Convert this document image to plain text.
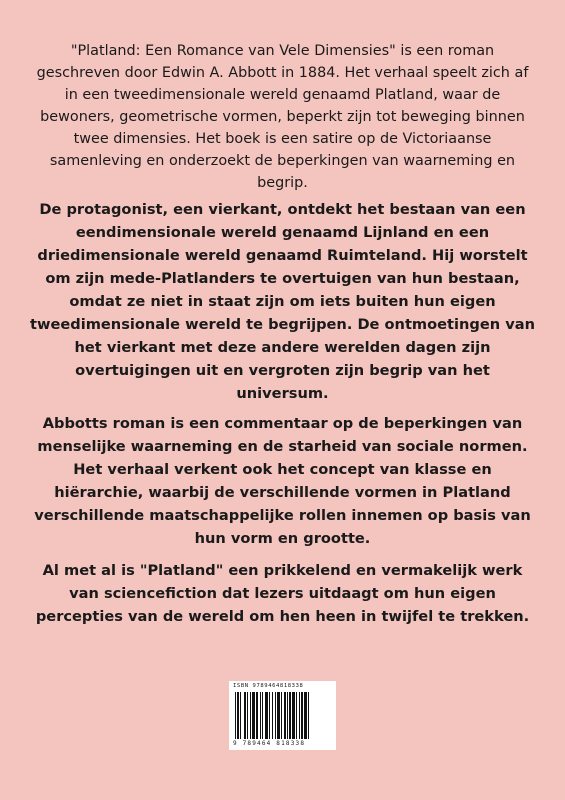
"Platland: Een Romance van Vele Dimensies" is een roman geschreven door Edwin A. Abbott in 1884. Het verhaal speelt zich af in een tweedimensionale wereld genaamd Platland, waar de bewoners, geometrische vormen, beperkt zijn tot beweging binnen twee dimensies. Het boek is een satire op de Victoriaanse samenleving en onderzoekt de beperkingen van waarneming en begrip.

De protagonist, een vierkant, ontdekt het bestaan van een eendimensionale wereld genaamd Lijnland en een driedimensionale wereld genaamd Ruimteland. Hij worstelt om zijn mede-Platlanders te overtuigen van hun bestaan, omdat ze niet in staat zijn om iets buiten hun eigen tweedimensionale wereld te begrijpen. De ontmoetingen van het vierkant met deze andere werelden dagen zijn overtuigingen uit en vergroten zijn begrip van het universum.

Abbotts roman is een commentaar op de beperkingen van menselijke waarneming en de starheid van sociale normen. Het verhaal verkent ook het concept van klasse en hiërarchie, waarbij de verschillende vormen in Platland verschillende maatschappelijke rollen innemen op basis van hun vorm en grootte.

Al met al is "Platland" een prikkelend en vermakelijk werk van sciencefiction dat lezers uitdaagt om hun eigen percepties van de wereld om hen heen in twijfel te trekken.

ISBN 9789464818338
9 789464 818338
